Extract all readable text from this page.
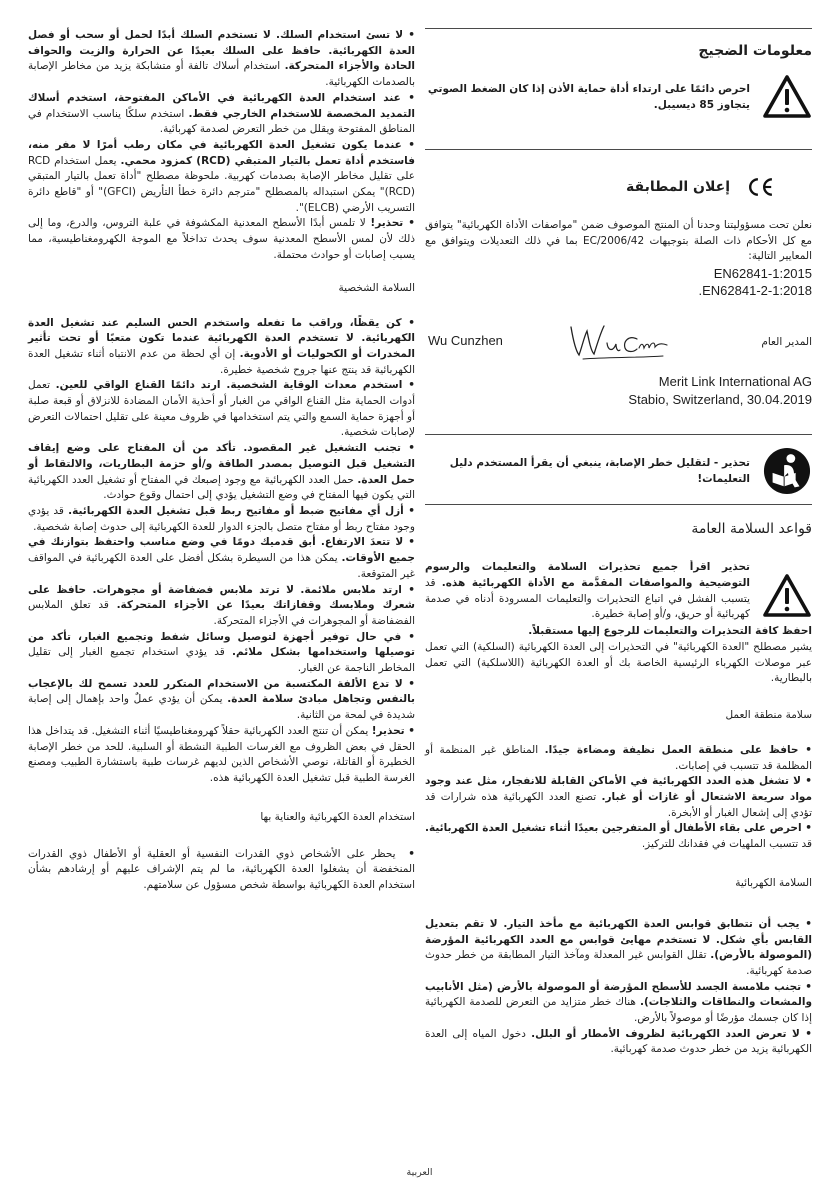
معلومات الضجيج

احرص دائمًا على ارتداء أداة حماية الأذن إذا كان الضغط الصوتي يتجاوز 85 ديسيبل.

إعلان المطابقة

نعلن تحت مسؤوليتنا وحدنا أن المنتج الموصوف ضمن "مواصفات الأداة الكهربائية" يتوافق مع كل الأحكام ذات الصلة بتوجيهات 2006/42/EC بما في ذلك التعديلات ويتوافق مع المعايير التالية:

EN62841-1:2015
.EN62841-2-1:2018
المدير العام
Wu Cunzhen
Merit Link International AG
Stabio, Switzerland, 30.04.2019

تحذير - لتقليل خطر الإصابة، ينبغي أن يقرأ المستخدم دليل التعليمات!

قواعد السلامة العامة

تحذير اقرأ جميع تحذيرات السلامة والتعليمات والرسوم التوضيحية والمواصفات المقدَّمة مع الأداة الكهربائية هذه. قد يتسبب الفشل في اتباع التحذيرات والتعليمات المسرودة أدناه في صدمة كهربائية أو حريق، و/أو إصابة خطيرة.

احفظ كافة التحذيرات والتعليمات للرجوع إليها مستقبلاً.

يشير مصطلح "العدة الكهربائية" في التحذيرات إلى العدة الكهربائية (السلكية) التي تعمل عبر موصلات الكهرباء الرئيسية الخاصة بك أو العدة الكهربائية (اللاسلكية) التي تعمل بالبطارية.

سلامة منطقة العمل

• حافظ على منطقة العمل نظيفة ومضاءة جيدًا. المناطق غير المنظمة أو المظلمة قد تتسبب في إصابات.

• لا تشغل هذه العدد الكهربائية في الأماكن القابلة للانفجار، مثل عند وجود مواد سريعة الاشتعال أو غازات أو غبار. تصنع العدد الكهربائية هذه شرارات قد تؤدي إلى إشعال الغبار أو الأبخرة.

• احرص على بقاء الأطفال أو المتفرجين بعيدًا أثناء تشغيل العدة الكهربائية. قد تتسبب الملهيات في فقدانك للتركيز.

السلامة الكهربائية

• يجب أن تتطابق قوابس العدة الكهربائية مع مأخذ التيار. لا تقم بتعديل القابس بأي شكل. لا تستخدم مهايئ قوابس مع العدد الكهربائية المؤرضة (الموصولة بالأرض). تقلل القوابس غير المعدلة ومآخذ التيار المطابقة من خطر حدوث صدمة كهربائية.

• تجنب ملامسة الجسد للأسطح المؤرضة أو الموصولة بالأرض (مثل الأنابيب والمشعات والنطاقات والثلاجات). هناك خطر متزايد من التعرض للصدمة الكهربائية إذا كان جسمك مؤرضًا أو موصولاً بالأرض.

• لا تعرض العدد الكهربائية لظروف الأمطار أو البلل. دخول المياه إلى العدة الكهربائية يزيد من خطر حدوث صدمة كهربائية.

• لا تسئ استخدام السلك. لا تستخدم السلك أبدًا لحمل أو سحب أو فصل العدة الكهربائية. حافظ على السلك بعيدًا عن الحرارة والزيت والحواف الحادة والأجزاء المتحركة. استخدام أسلاك تالفة أو متشابكة يزيد من مخاطر الإصابة بالصدمات الكهربائية.

• عند استخدام العدة الكهربائية في الأماكن المفتوحة، استخدم أسلاك التمديد المخصصة للاستخدام الخارجي فقط. استخدم سلكًا يناسب الاستخدام في المناطق المفتوحة ويقلل من خطر التعرض لصدمة كهربائية.

• عندما يكون تشغيل العدة الكهربائية في مكان رطب أمرًا لا مفر منه، فاستخدم أداة تعمل بالتيار المتبقي (RCD) كمزود محمي. يعمل استخدام RCD على تقليل مخاطر الإصابة بصدمات كهربية. ملحوظة مصطلح "أداة تعمل بالتيار المتبقي (RCD)" يمكن استبداله بالمصطلح "مترجم دائرة خطأ التأريض (GFCI)" أو "قاطع دائرة التسريب الأرضي (ELCB)".

• تحذير! لا تلمس أبدًا الأسطح المعدنية المكشوفة في علبة التروس، والدرع، وما إلى ذلك لأن لمس الأسطح المعدنية سوف يحدث تداخلاً مع الموجة الكهرومغناطيسية، مما يسبب إصابات أو حوادث محتملة.

السلامة الشخصية

• كن يقظًا، وراقب ما تفعله واستخدم الحس السليم عند تشغيل العدة الكهربائية. لا تستخدم العدة الكهربائية عندما تكون متعبًا أو تحت تأثير المخدرات أو الكحوليات أو الأدوية. إن أي لحظة من عدم الانتباه أثناء تشغيل العدة الكهربائية قد ينتج عنها جروح شخصية خطيرة.

• استخدم معدات الوقاية الشخصية. ارتد دائمًا القناع الواقي للعين. تعمل أدوات الحماية مثل القناع الواقي من الغبار أو أحذية الأمان المضادة للانزلاق أو قبعة صلبة أو أجهزة حماية السمع والتي يتم استخدامها في ظروف معينة على تقليل احتمالات التعرض لإصابات شخصية.

• تجنب التشغيل غير المقصود. تأكد من أن المفتاح على وضع إيقاف التشغيل قبل التوصيل بمصدر الطاقة و/أو حزمة البطاريات، والالتقاط أو حمل العدة. حمل العدد الكهربائية مع وجود إصبعك في المفتاح أو تشغيل العدد الكهربائية التي يكون فيها المفتاح في وضع التشغيل يؤدي إلى احتمال وقوع حوادث.

• أزل أي مفاتيح ضبط أو مفاتيح ربط قبل تشغيل العدة الكهربائية. قد يؤدي وجود مفتاح ربط أو مفتاح متصل بالجزء الدوار للعدة الكهربائية إلى حدوث إصابة شخصية.

• لا تتعدَ الارتفاع. أبق قدميك دومًا في وضع مناسب واحتفظ بتوازنك في جميع الأوقات. يمكن هذا من السيطرة بشكل أفضل على العدة الكهربائية في المواقف غير المتوقعة.

• ارتد ملابس ملائمة. لا ترتد ملابس فضفاضة أو مجوهرات. حافظ على شعرك وملابسك وقفازاتك بعيدًا عن الأجزاء المتحركة. قد تعلق الملابس الفضفاضة أو المجوهرات في الأجزاء المتحركة.

• في حال توفير أجهزة لتوصيل وسائل شفط وتجميع الغبار، تأكد من توصيلها واستخدامها بشكل ملائم. قد يؤدي استخدام تجميع الغبار إلى تقليل المخاطر الناجمة عن الغبار.

• لا تدع الألفة المكتسبة من الاستخدام المتكرر للعدد تسمح لك بالإعجاب بالنفس وتجاهل مبادئ سلامة العدة. يمكن أن يؤدي عملٌ واحد بإهمال إلى إصابة شديدة في لمحة من الثانية.

• تحذير! يمكن أن تنتج العدد الكهربائية حقلاً كهرومغناطيسيًا أثناء التشغيل. قد يتداخل هذا الحقل في بعض الظروف مع الغرسات الطبية النشطة أو السلبية. للحد من خطر الإصابة الخطيرة أو القاتلة، نوصي الأشخاص الذين لديهم غرسات طبية باستشارة الطبيب ومصنع الغرسة الطبية قبل تشغيل العدة الكهربائية هذه.

استخدام العدة الكهربائية والعناية بها

• يحظر على الأشخاص ذوي القدرات النفسية أو العقلية أو الأطفال ذوي القدرات المنخفضة أن يشغلوا العدة الكهربائية، ما لم يتم الإشراف عليهم أو إرشادهم بشأن استخدام العدة الكهربائية بواسطة شخص مسؤول عن سلامتهم.

العربية
